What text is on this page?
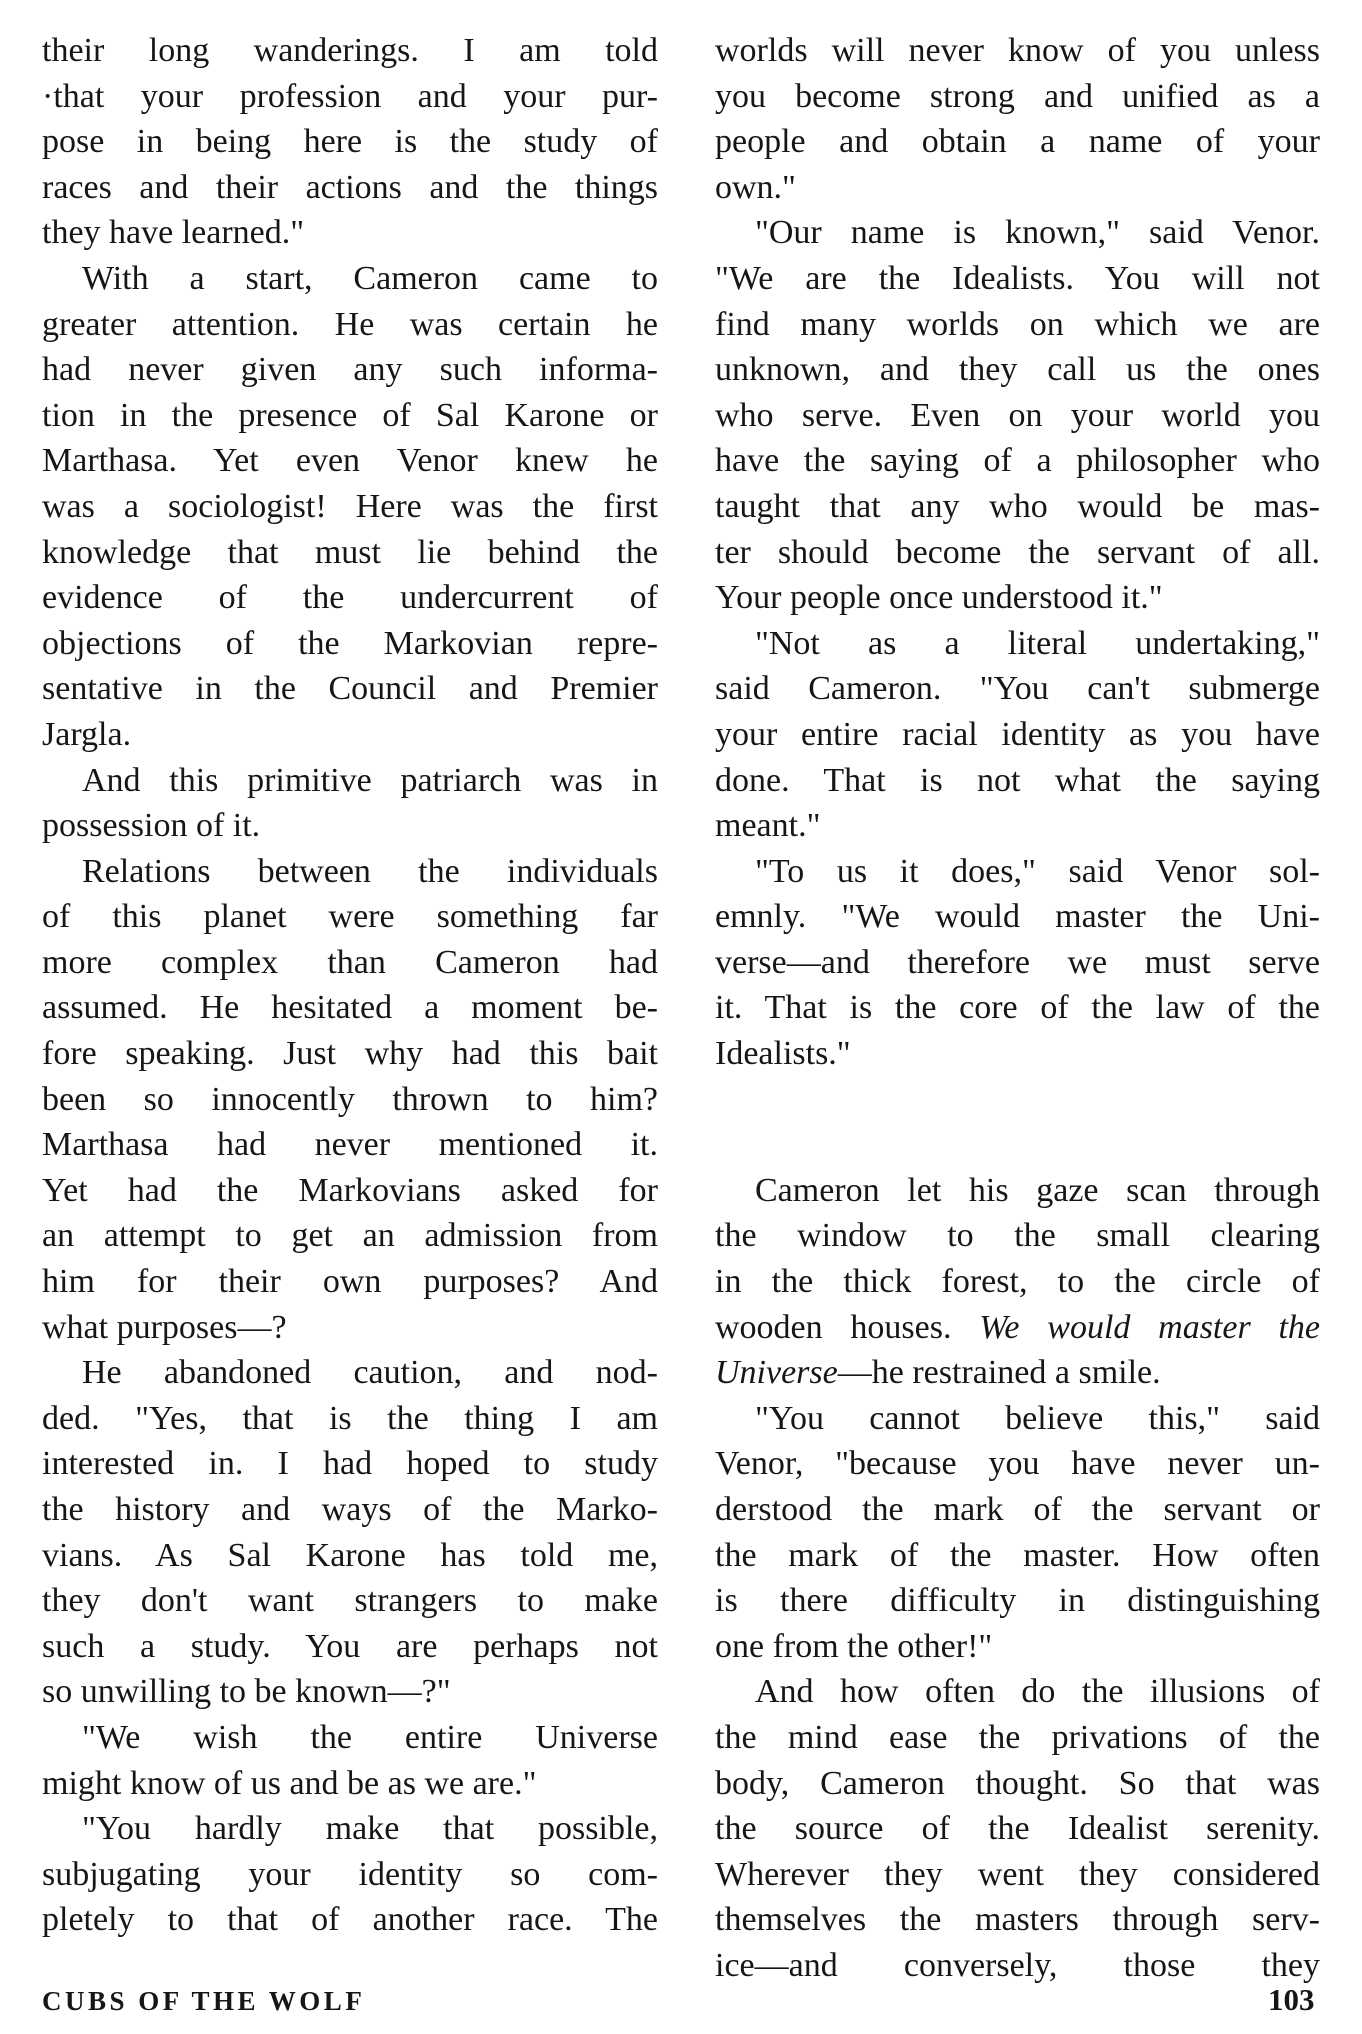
their long wanderings. I am told
·that your profession and your pur-
pose in being here is the study of
races and their actions and the things
they have learned."
With a start, Cameron came to
greater attention. He was certain he
had never given any such informa-
tion in the presence of Sal Karone or
Marthasa. Yet even Venor knew he
was a sociologist! Here was the first
knowledge that must lie behind the
evidence of the undercurrent of
objections of the Markovian repre-
sentative in the Council and Premier
Jargla.
And this primitive patriarch was in
possession of it.
Relations between the individuals
of this planet were something far
more complex than Cameron had
assumed. He hesitated a moment be-
fore speaking. Just why had this bait
been so innocently thrown to him?
Marthasa had never mentioned it.
Yet had the Markovians asked for
an attempt to get an admission from
him for their own purposes? And
what purposes—?
He abandoned caution, and nod-
ded. "Yes, that is the thing I am
interested in. I had hoped to study
the history and ways of the Marko-
vians. As Sal Karone has told me,
they don't want strangers to make
such a study. You are perhaps not
so unwilling to be known—?"
"We wish the entire Universe
might know of us and be as we are."
"You hardly make that possible,
subjugating your identity so com-
pletely to that of another race. The
worlds will never know of you unless
you become strong and unified as a
people and obtain a name of your
own."
"Our name is known," said Venor.
"We are the Idealists. You will not
find many worlds on which we are
unknown, and they call us the ones
who serve. Even on your world you
have the saying of a philosopher who
taught that any who would be mas-
ter should become the servant of all.
Your people once understood it."
"Not as a literal undertaking,"
said Cameron. "You can't submerge
your entire racial identity as you have
done. That is not what the saying
meant."
"To us it does," said Venor sol-
emnly. "We would master the Uni-
verse—and therefore we must serve
it. That is the core of the law of the
Idealists."
Cameron let his gaze scan through
the window to the small clearing
in the thick forest, to the circle of
wooden houses. We would master the
Universe—he restrained a smile.
"You cannot believe this," said
Venor, "because you have never un-
derstood the mark of the servant or
the mark of the master. How often
is there difficulty in distinguishing
one from the other!"
And how often do the illusions of
the mind ease the privations of the
body, Cameron thought. So that was
the source of the Idealist serenity.
Wherever they went they considered
themselves the masters through serv-
ice—and conversely, those they
CUBS OF THE WOLF	103
